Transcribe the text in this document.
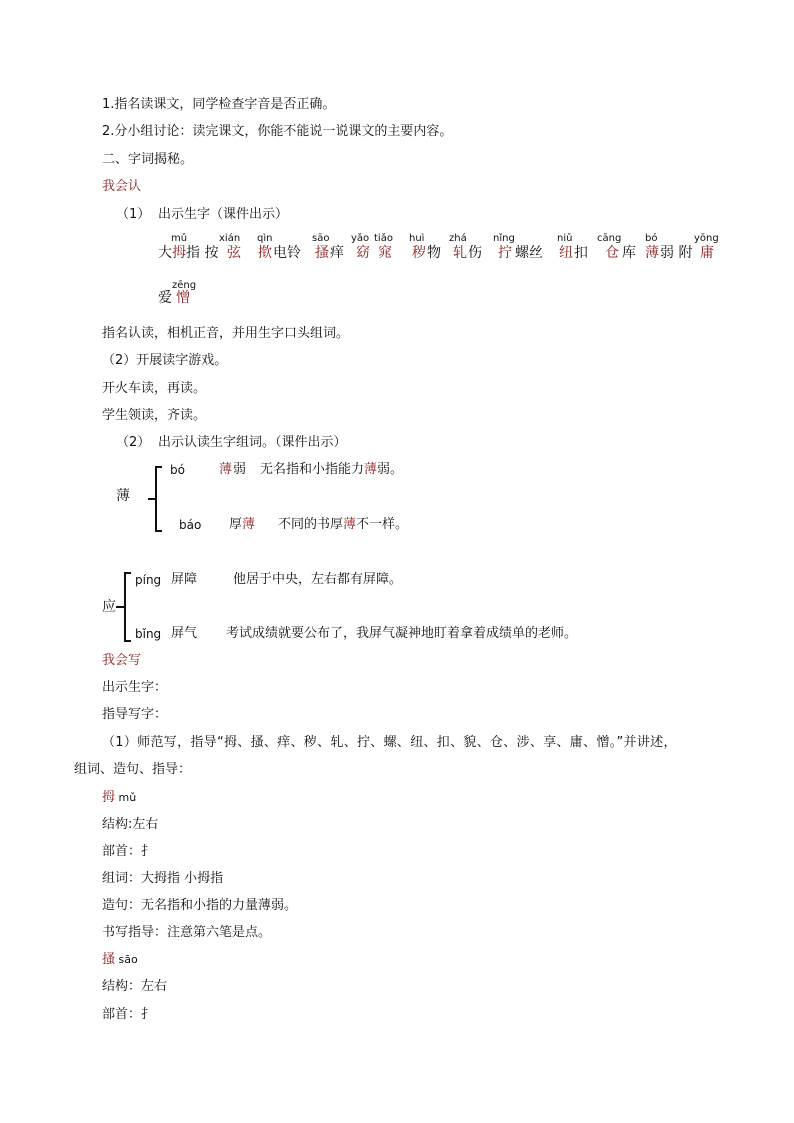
1.指名读课文，同学检查字音是否正确。
2.分小组讨论：读完课文，你能不能说一说课文的主要内容。
二、字词揭秘。
我会认
（1） 出示生字（课件出示）
大
mǔ
拇 指 按
xián
弦
qìn
揿 电铃
sāo
搔 痒
yǎo
窈
tiǎo
窕
huì
秽 物
zhá
轧 伤
nǐng
拧 螺丝
niǔ
纽 扣
cāng
仓 库
bó
薄 弱 附
yōng
庸
爱
zēng
憎
指名认读，相机正音，并用生字口头组词。
（2）开展读字游戏。
开火车读，再读。
学生领读，齐读。
（2） 出示认读生字组词。（课件出示）
薄
bó	薄 弱 无名指和小指能力薄弱。
báo 厚薄 不同的书厚薄不一样。
应
píng 屏障	他居于中央，左右都有屏障。
bǐng 屏气 考试成绩就要公布了，我屏气凝神地盯着拿着成绩单的老师。
我会写
出示生字：
指导写字：
（1）师范写，指导“拇、搔、痒、秽、轧、拧、螺、纽、扣、貌、仓、涉、享、庸、憎。”并讲述，
组词、造句、指导：
拇 mǔ
结构:左右
部首：扌
组词：大拇指 小拇指
造句：无名指和小指的力量薄弱。
书写指导：注意第六笔是点。
搔 sāo
结构：左右
部首：扌
